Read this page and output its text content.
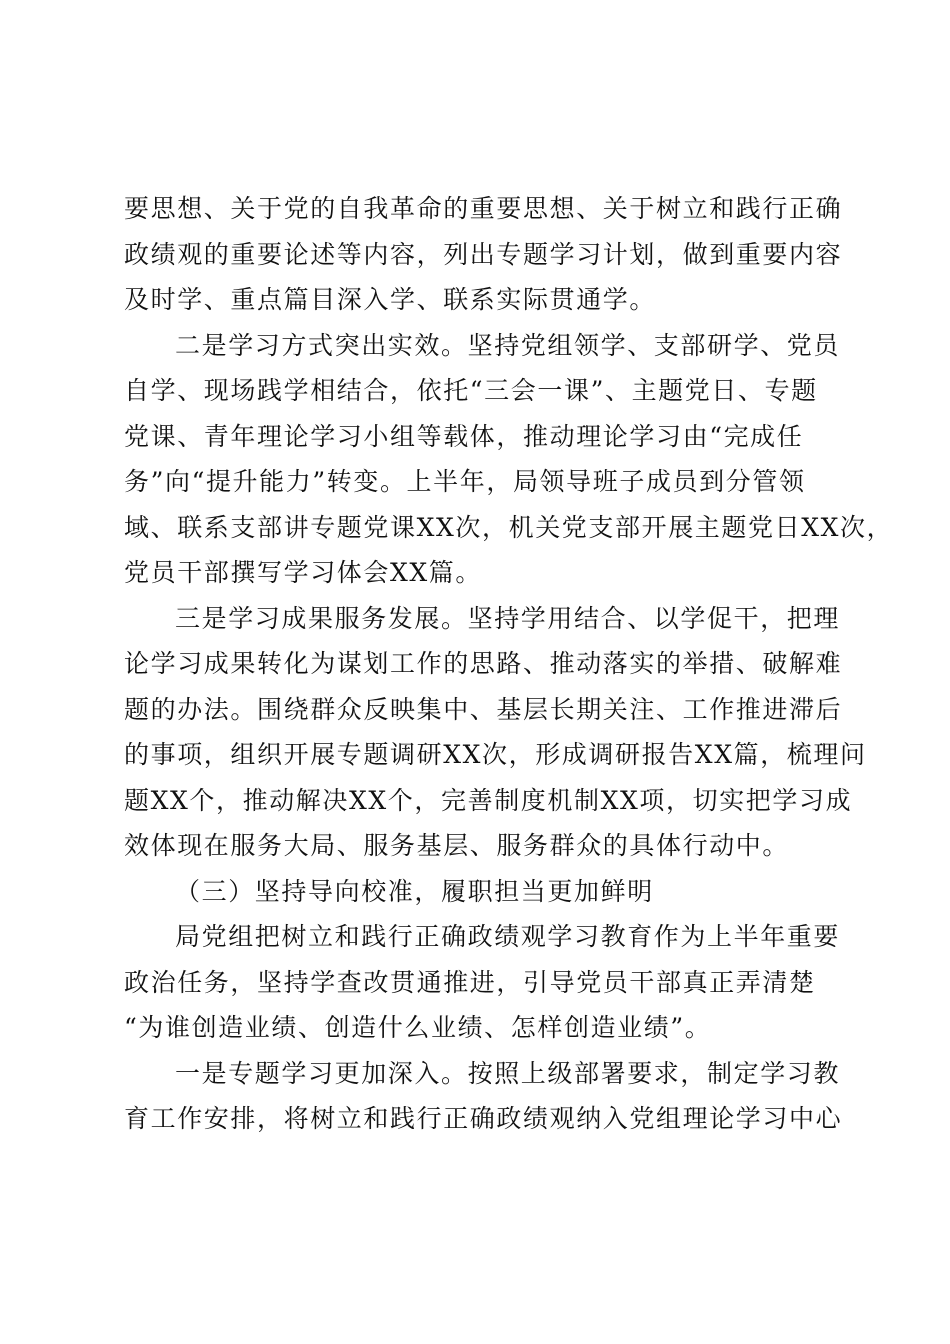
要思想、关于党的自我革命的重要思想、关于树立和践行正确
政绩观的重要论述等内容，列出专题学习计划，做到重要内容
及时学、重点篇目深入学、联系实际贯通学。
二是学习方式突出实效。坚持党组领学、支部研学、党员
自学、现场践学相结合，依托“三会一课”、主题党日、专题
党课、青年理论学习小组等载体，推动理论学习由“完成任
务”向“提升能力”转变。上半年，局领导班子成员到分管领
域、联系支部讲专题党课XX次，机关党支部开展主题党日XX次，
党员干部撰写学习体会XX篇。
三是学习成果服务发展。坚持学用结合、以学促干，把理
论学习成果转化为谋划工作的思路、推动落实的举措、破解难
题的办法。围绕群众反映集中、基层长期关注、工作推进滞后
的事项，组织开展专题调研XX次，形成调研报告XX篇，梳理问
题XX个，推动解决XX个，完善制度机制XX项，切实把学习成
效体现在服务大局、服务基层、服务群众的具体行动中。
（三）坚持导向校准，履职担当更加鲜明
局党组把树立和践行正确政绩观学习教育作为上半年重要
政治任务，坚持学查改贯通推进，引导党员干部真正弄清楚
“为谁创造业绩、创造什么业绩、怎样创造业绩”。
一是专题学习更加深入。按照上级部署要求，制定学习教
育工作安排，将树立和践行正确政绩观纳入党组理论学习中心
